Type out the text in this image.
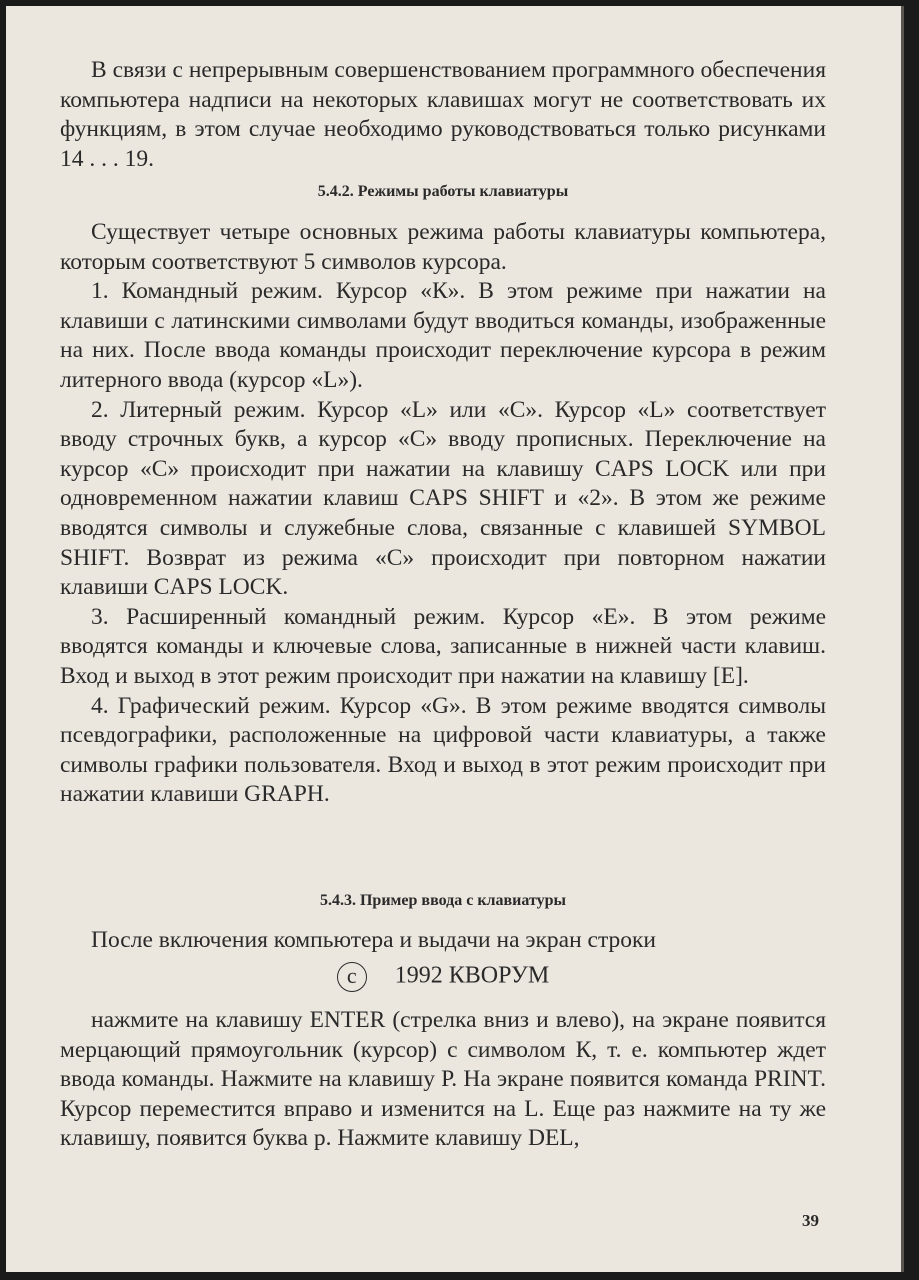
В связи с непрерывным совершенствованием программного обеспечения компьютера надписи на некоторых клавишах могут не соответствовать их функциям, в этом случае необходимо руководствоваться только рисунками 14 . . . 19.

5.4.2. Режимы работы клавиатуры

Существует четыре основных режима работы клавиатуры компьютера, которым соответствуют 5 символов курсора.

1. Командный режим. Курсор «К». В этом режиме при нажатии на клавиши с латинскими символами будут вводиться команды, изображенные на них. После ввода команды происходит переключение курсора в режим литерного ввода (курсор «L»).

2. Литерный режим. Курсор «L» или «С». Курсор «L» соответствует вводу строчных букв, а курсор «С» вводу прописных. Переключение на курсор «С» происходит при нажатии на клавишу CAPS LOCK или при одновременном нажатии клавиш CAPS SHIFT и «2». В этом же режиме вводятся символы и служебные слова, связанные с клавишей SYMBOL SHIFT. Возврат из режима «С» происходит при повторном нажатии клавиши CAPS LOCK.

3. Расширенный командный режим. Курсор «Е». В этом режиме вводятся команды и ключевые слова, записанные в нижней части клавиш. Вход и выход в этот режим происходит при нажатии на клавишу [E].

4. Графический режим. Курсор «G». В этом режиме вводятся символы псевдографики, расположенные на цифровой части клавиатуры, а также символы графики пользователя. Вход и выход в этот режим происходит при нажатии клавиши GRAPH.

5.4.3. Пример ввода с клавиатуры

После включения компьютера и выдачи на экран строки

c 1992 КВОРУМ

нажмите на клавишу ENTER (стрелка вниз и влево), на экране появится мерцающий прямоугольник (курсор) с символом К, т. е. компьютер ждет ввода команды. Нажмите на клавишу Р. На экране появится команда PRINT. Курсор переместится вправо и изменится на L. Еще раз нажмите на ту же клавишу, появится буква р. Нажмите клавишу DEL,

39
